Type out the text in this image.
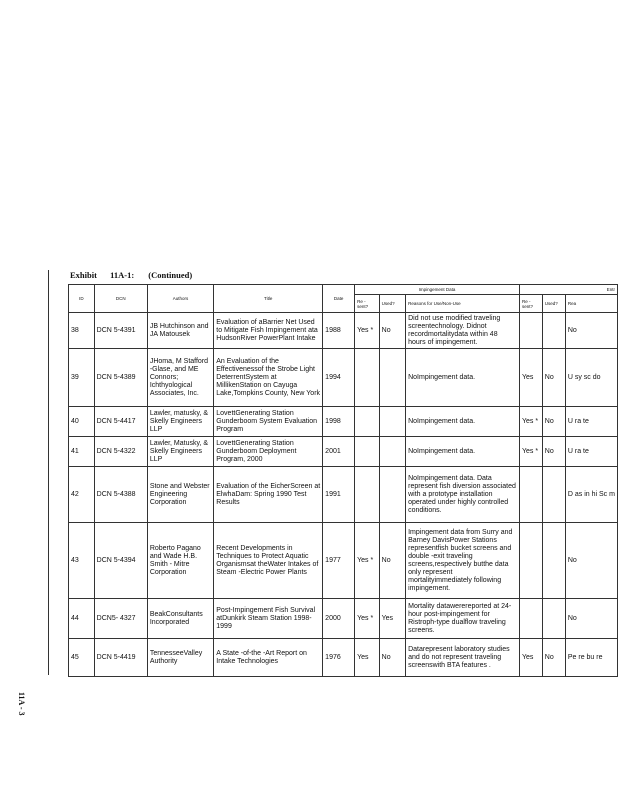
11A - 3
Exhibit 11A-1: (Continued)
ID	DCN	Authors	Title	Date	Impingement Data			Entr		
					Re - sent?	Used?	Reasons for Use/Non-Use	Re - sent?	Used?	Rea
38	DCN 5-4391	JB Hutchinson and JA Matousek	Evaluation of aBarrier Net Used to Mitigate Fish Impingement ata HudsonRiver PowerPlant Intake	1988	Yes *	No	Did not use modified traveling screentechnology. Didnot recordmortalitydata within 48 hours of impingement.			No
39	DCN 5-4389	JHoma, M Stafford -Glase, and ME Connors; Ichthyological Associates, Inc.	An Evaluation of the Effectivenessof the Strobe Light DeterrentSystem at MillikenStation on Cayuga Lake,Tompkins County, New York	1994			NoImpingement data.	Yes	No	U sy sc do
40	DCN 5-4417	Lawler, matusky, & Skelly Engineers LLP	LovettGenerating Station Gunderboom System Evaluation Program	1998			NoImpingement data.	Yes *	No	U ra te
41	DCN 5-4322	Lawler, Matusky, & Skelly Engineers LLP	LovettGenerating Station Gunderboom Deployment Program, 2000	2001			NoImpingement data.	Yes *	No	U ra te
42	DCN 5-4388	Stone and Webster Engineering Corporation	Evaluation of the EicherScreen at ElwhaDam: Spring 1990 Test Results	1991			NoImpingement data. Data represent fish diversion associated with a prototype installation operated under highly controlled conditions.			D as in hi Sc m
43	DCN 5-4394	Roberto Pagano and Wade H.B. Smith - Mitre Corporation	Recent Developments in Techniques to Protect Aquatic Organismsat theWater Intakes of Steam -Electric Power Plants	1977	Yes *	No	Impingement data from Surry and Barney DavisPower Stations representfish bucket screens and double -exit traveling screens,respectively butthe data only represent mortalityimmediately following impingement.			No
44	DCN5- 4327	BeakConsultants Incorporated	Post-Impingement Fish Survival atDunkirk Steam Station 1998- 1999	2000	Yes *	Yes	Mortality datawerereported at 24-hour post-impingement for Ristroph-type dualflow traveling screens.			No
45	DCN 5-4419	TennesseeValley Authority	A State -of-the -Art Report on Intake Technologies	1976	Yes	No	Datarepresent laboratory studies and do not represent traveling screenswith BTA features .	Yes	No	Pe re bu re
